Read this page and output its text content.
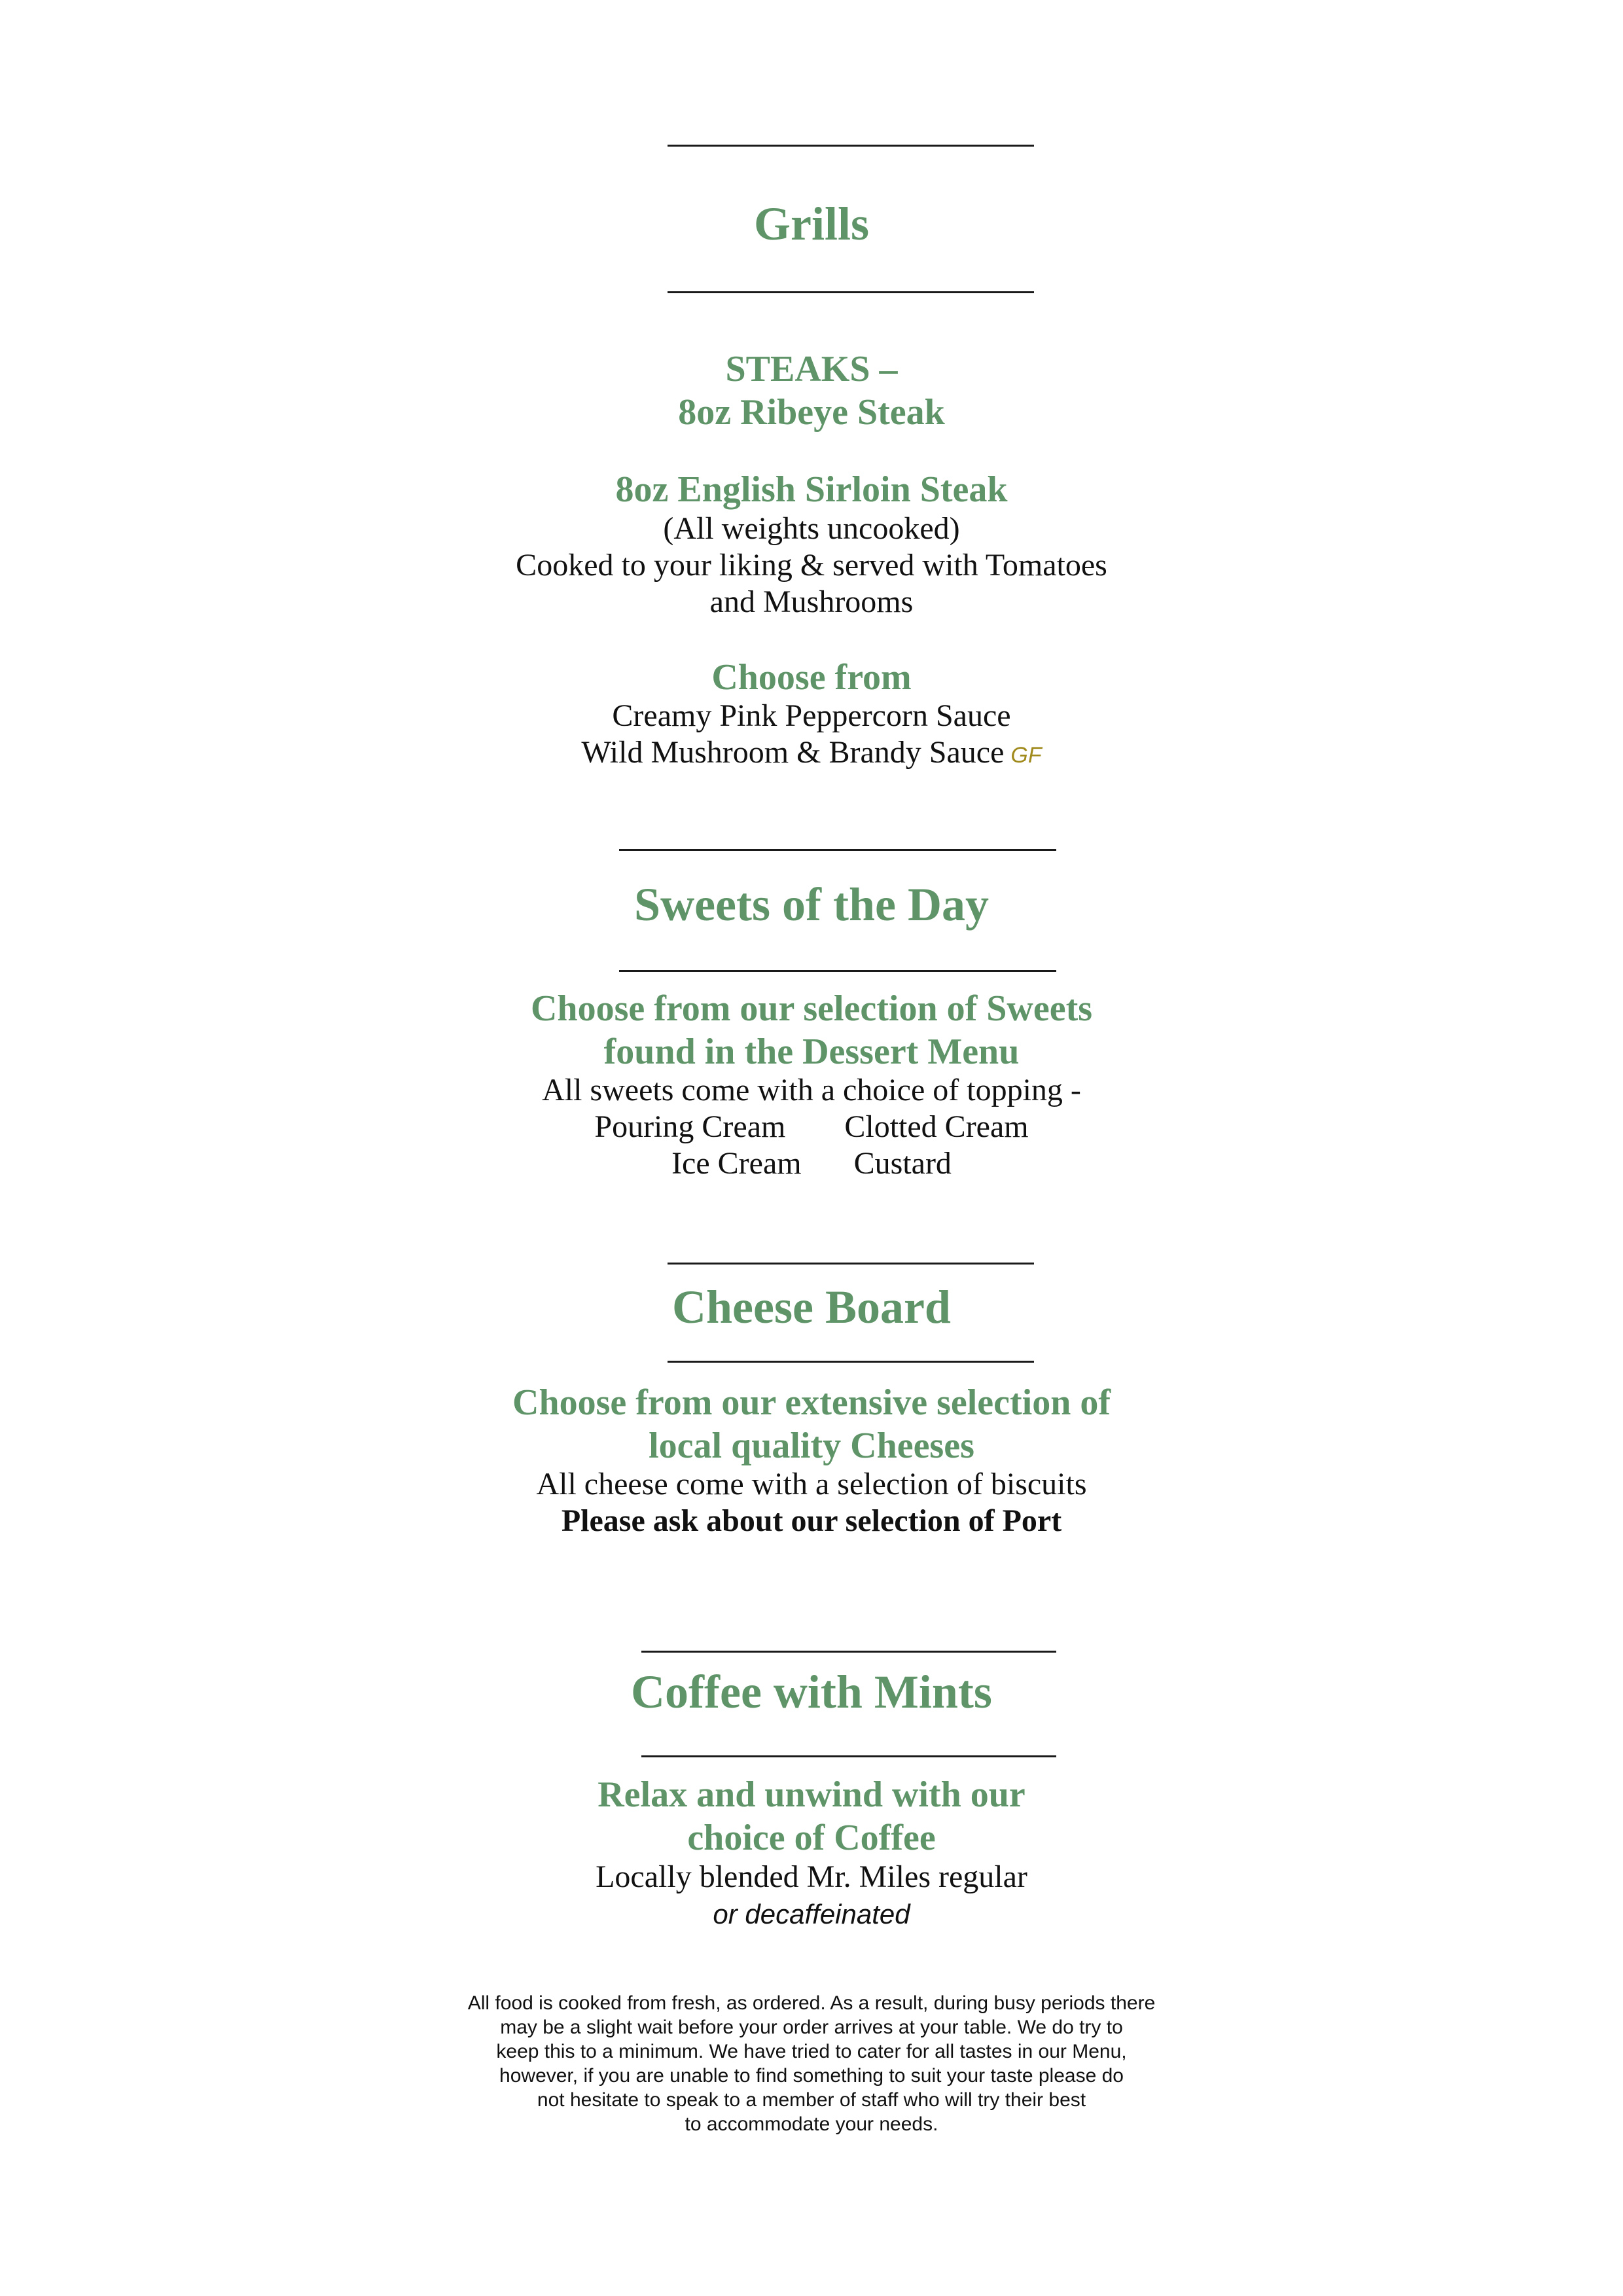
Grills

STEAKS –

8oz Ribeye Steak

8oz English Sirloin Steak

(All weights uncooked)

Cooked to your liking & served with Tomatoes

and Mushrooms

Choose from

Creamy Pink Peppercorn Sauce

Wild Mushroom & Brandy Sauce GF

Sweets of the Day

Choose from our selection of Sweets

found in the Dessert Menu

All sweets come with a choice of topping -

Pouring Cream Clotted Cream

Ice Cream Custard

Cheese Board

Choose from our extensive selection of

local quality Cheeses

All cheese come with a selection of biscuits

Please ask about our selection of Port

Coffee with Mints

Relax and unwind with our

choice of Coffee

Locally blended Mr. Miles regular

or decaffeinated

All food is cooked from fresh, as ordered. As a result, during busy periods there

may be a slight wait before your order arrives at your table. We do try to

keep this to a minimum. We have tried to cater for all tastes in our Menu,

however, if you are unable to find something to suit your taste please do

not hesitate to speak to a member of staff who will try their best

to accommodate your needs.
